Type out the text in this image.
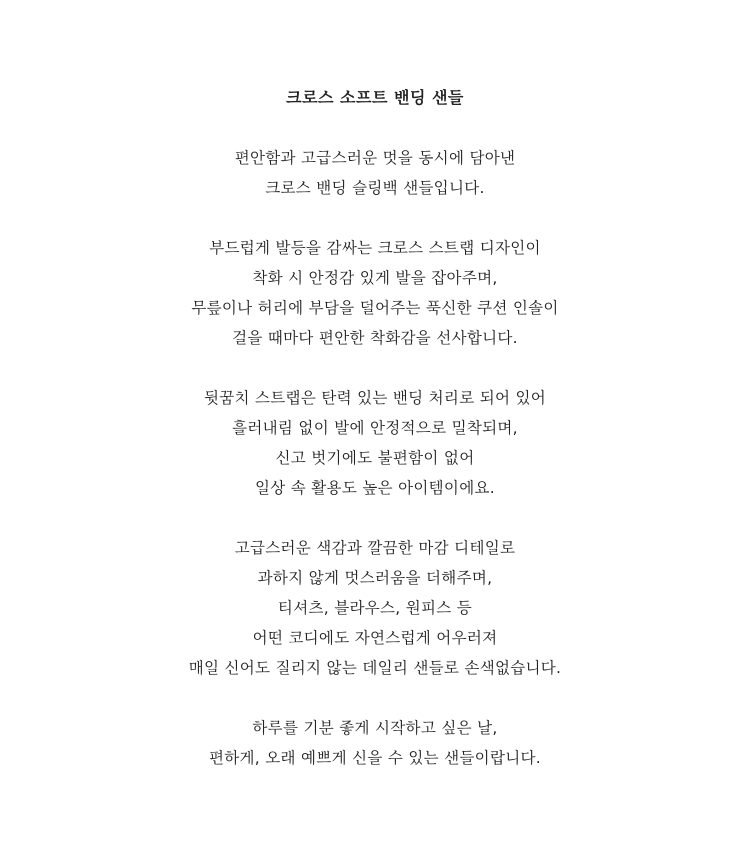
크로스 소프트 밴딩 샌들
편안함과 고급스러운 멋을 동시에 담아낸
크로스 밴딩 슬링백 샌들입니다.
부드럽게 발등을 감싸는 크로스 스트랩 디자인이
착화 시 안정감 있게 발을 잡아주며,
무릎이나 허리에 부담을 덜어주는 푹신한 쿠션 인솔이
걸을 때마다 편안한 착화감을 선사합니다.
뒷꿈치 스트랩은 탄력 있는 밴딩 처리로 되어 있어
흘러내림 없이 발에 안정적으로 밀착되며,
신고 벗기에도 불편함이 없어
일상 속 활용도 높은 아이템이에요.
고급스러운 색감과 깔끔한 마감 디테일로
과하지 않게 멋스러움을 더해주며,
티셔츠, 블라우스, 원피스 등
어떤 코디에도 자연스럽게 어우러져
매일 신어도 질리지 않는 데일리 샌들로 손색없습니다.
하루를 기분 좋게 시작하고 싶은 날,
편하게, 오래 예쁘게 신을 수 있는 샌들이랍니다.
